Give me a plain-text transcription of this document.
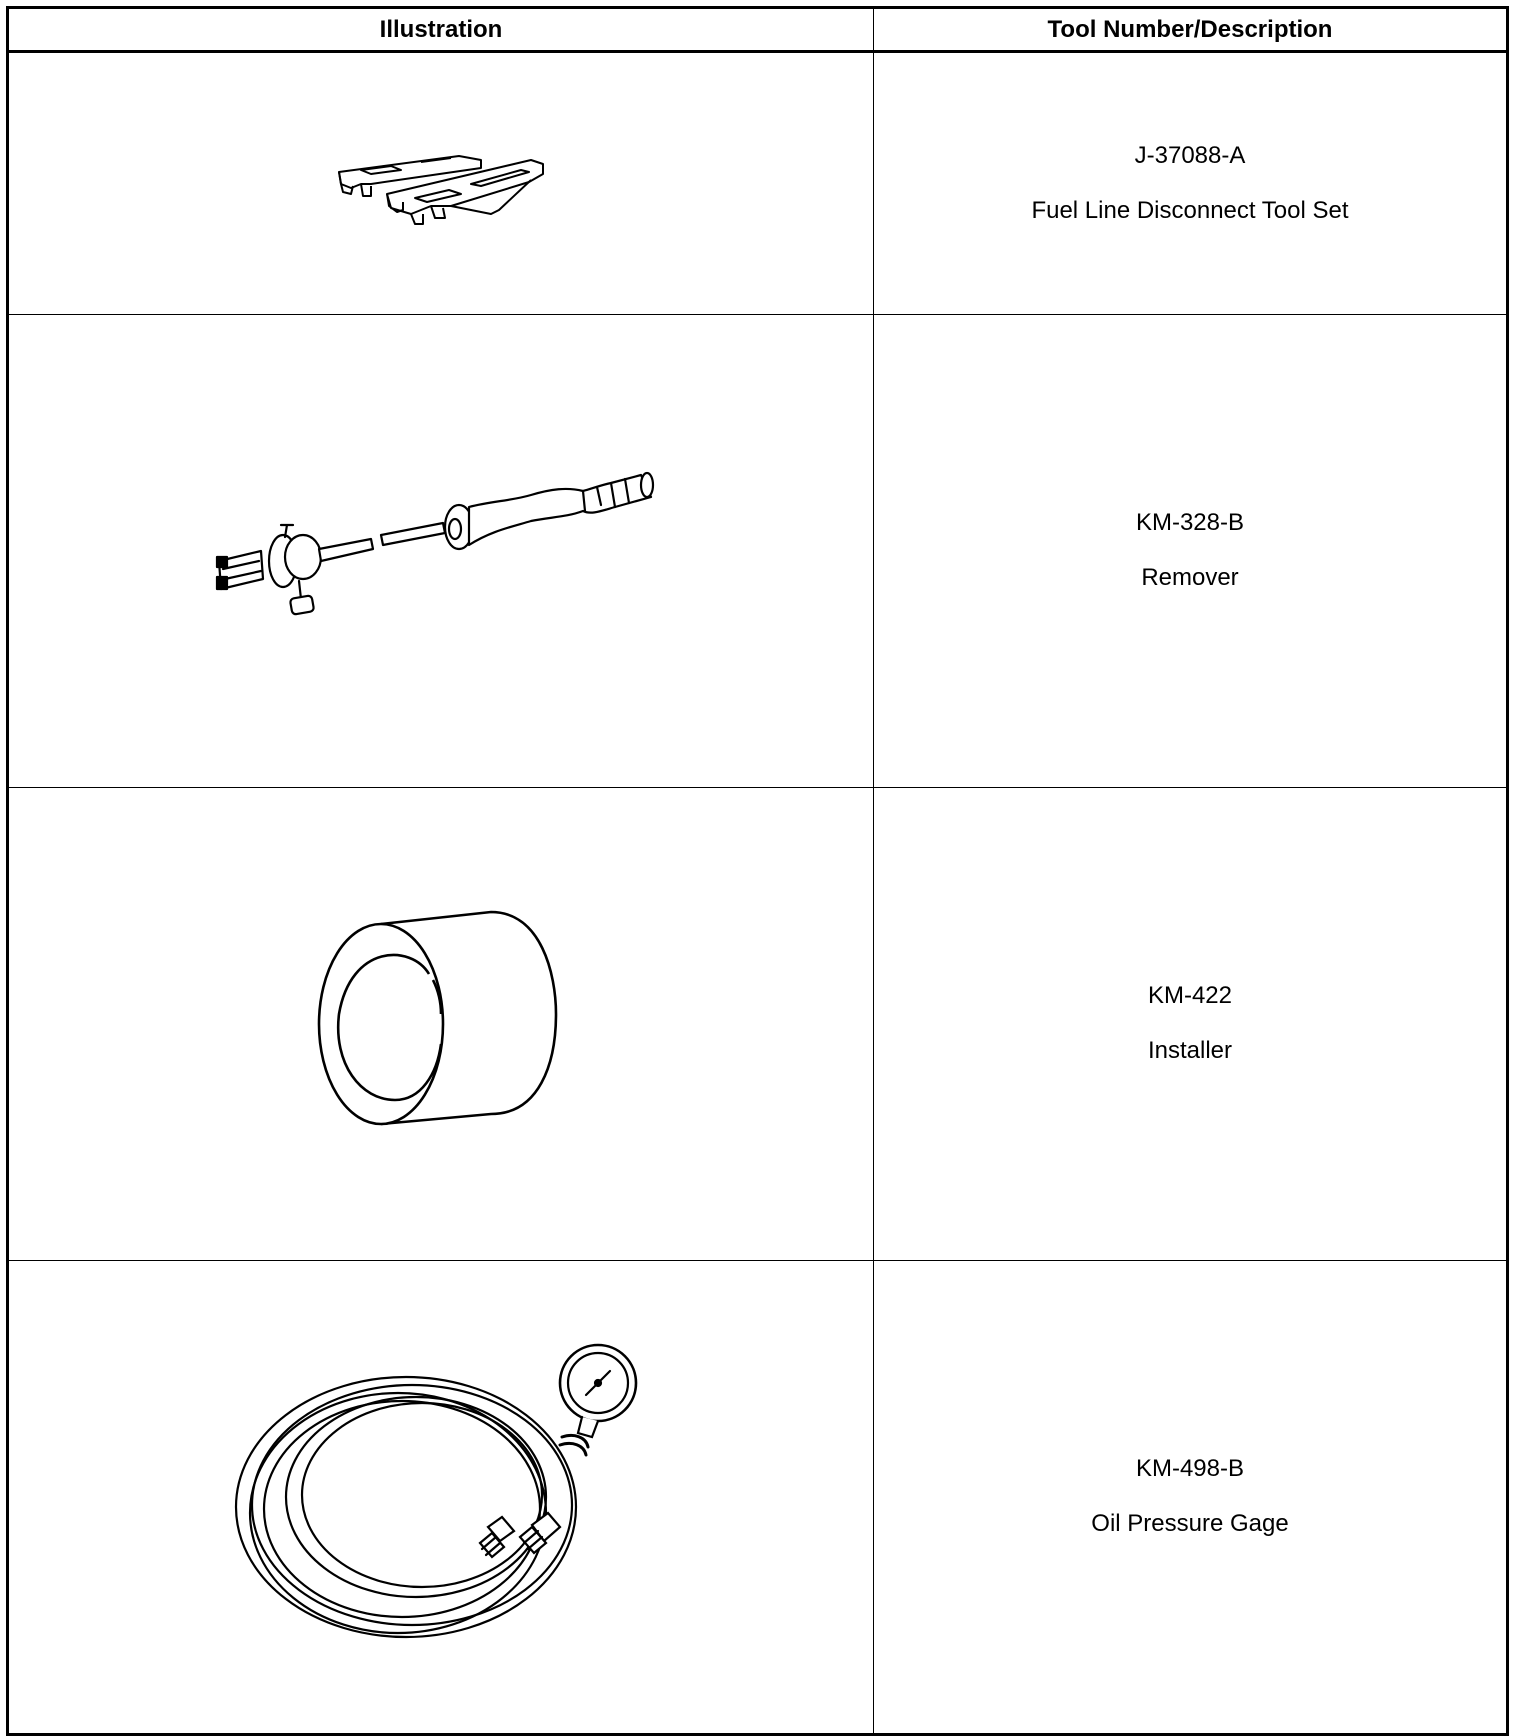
Illustration	Tool Number/Description

J-37088-A
Fuel Line Disconnect Tool Set

KM-328-B
Remover

KM-422
Installer

KM-498-B
Oil Pressure Gage
